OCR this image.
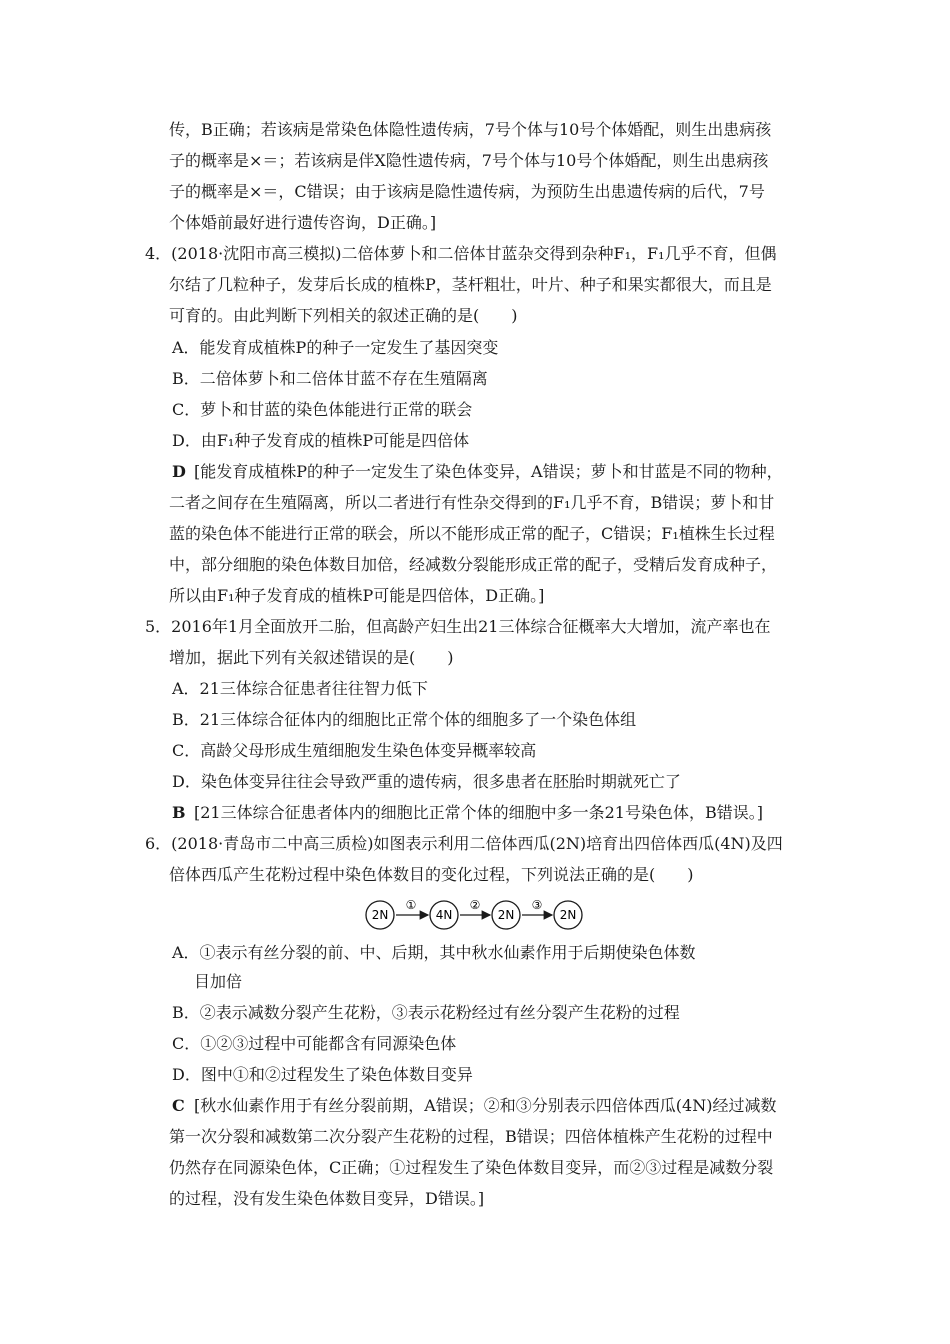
传，B正确；若该病是常染色体隐性遗传病，7号个体与10号个体婚配，则生出患病孩
子的概率是×＝；若该病是伴X隐性遗传病，7号个体与10号个体婚配，则生出患病孩
子的概率是×＝，C错误；由于该病是隐性遗传病，为预防生出患遗传病的后代，7号
个体婚前最好进行遗传咨询，D正确。]
4．(2018·沈阳市高三模拟)二倍体萝卜和二倍体甘蓝杂交得到杂种F₁，F₁几乎不育，但偶
尔结了几粒种子，发芽后长成的植株P，茎杆粗壮，叶片、种子和果实都很大，而且是
可育的。由此判断下列相关的叙述正确的是(　　)
A．能发育成植株P的种子一定发生了基因突变
B．二倍体萝卜和二倍体甘蓝不存在生殖隔离
C．萝卜和甘蓝的染色体能进行正常的联会
D．由F₁种子发育成的植株P可能是四倍体
D [能发育成植株P的种子一定发生了染色体变异，A错误；萝卜和甘蓝是不同的物种，
二者之间存在生殖隔离，所以二者进行有性杂交得到的F₁几乎不育，B错误；萝卜和甘
蓝的染色体不能进行正常的联会，所以不能形成正常的配子，C错误；F₁植株生长过程
中，部分细胞的染色体数目加倍，经减数分裂能形成正常的配子，受精后发育成种子，
所以由F₁种子发育成的植株P可能是四倍体，D正确。]
5．2016年1月全面放开二胎，但高龄产妇生出21三体综合征概率大大增加，流产率也在
增加，据此下列有关叙述错误的是(　　)
A．21三体综合征患者往往智力低下
B．21三体综合征体内的细胞比正常个体的细胞多了一个染色体组
C．高龄父母形成生殖细胞发生染色体变异概率较高
D．染色体变异往往会导致严重的遗传病，很多患者在胚胎时期就死亡了
B [21三体综合征患者体内的细胞比正常个体的细胞中多一条21号染色体，B错误。]
6．(2018·青岛市二中高三质检)如图表示利用二倍体西瓜(2N)培育出四倍体西瓜(4N)及四
倍体西瓜产生花粉过程中染色体数目的变化过程，下列说法正确的是(　　)
2N
①
4N
②
2N
③
2N
A．①表示有丝分裂的前、中、后期，其中秋水仙素作用于后期使染色体数
目加倍
B．②表示减数分裂产生花粉，③表示花粉经过有丝分裂产生花粉的过程
C．①②③过程中可能都含有同源染色体
D．图中①和②过程发生了染色体数目变异
C [秋水仙素作用于有丝分裂前期，A错误；②和③分别表示四倍体西瓜(4N)经过减数
第一次分裂和减数第二次分裂产生花粉的过程，B错误；四倍体植株产生花粉的过程中
仍然存在同源染色体，C正确；①过程发生了染色体数目变异，而②③过程是减数分裂
的过程，没有发生染色体数目变异，D错误。]
